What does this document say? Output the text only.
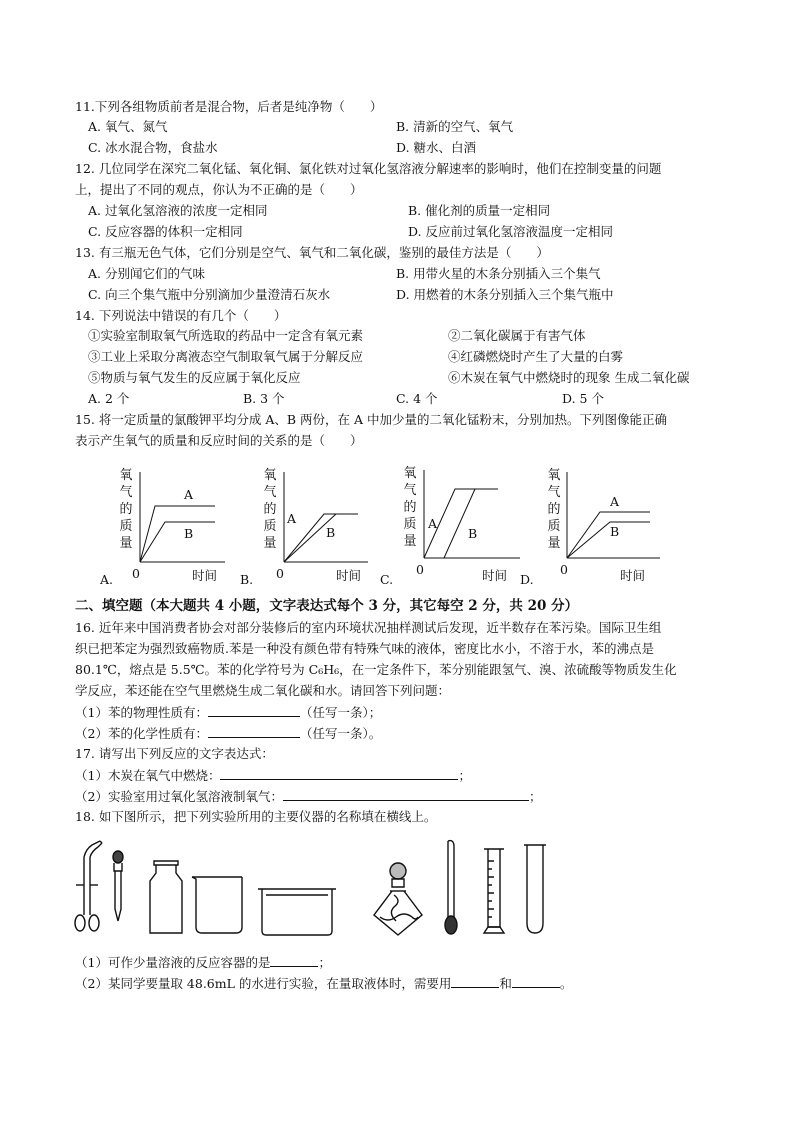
11.下列各组物质前者是混合物，后者是纯净物（　　）
A. 氧气、氮气	B. 清新的空气、氧气
C. 冰水混合物，食盐水	D. 糖水、白酒
12. 几位同学在深究二氧化锰、氧化铜、氯化铁对过氧化氢溶液分解速率的影响时，他们在控制变量的问题
上，提出了不同的观点，你认为不正确的是（　　）
A. 过氧化氢溶液的浓度一定相同	B. 催化剂的质量一定相同
C. 反应容器的体积一定相同	D. 反应前过氧化氢溶液温度一定相同
13. 有三瓶无色气体，它们分别是空气、氧气和二氧化碳，鉴别的最佳方法是（　　）
A. 分别闻它们的气味	B. 用带火星的木条分别插入三个集气
C. 向三个集气瓶中分别滴加少量澄清石灰水	D. 用燃着的木条分别插入三个集气瓶中
14. 下列说法中错误的有几个（　　）
①实验室制取氧气所选取的药品中一定含有氧元素	②二氧化碳属于有害气体
③工业上采取分离液态空气制取氧气属于分解反应	④红磷燃烧时产生了大量的白雾
⑤物质与氧气发生的反应属于氧化反应	⑥木炭在氧气中燃烧时的现象 生成二氧化碳
A. 2 个	B. 3 个	C. 4 个	D. 5 个
15. 将一定质量的氯酸钾平均分成 A、B 两份，在 A 中加少量的二氧化锰粉末，分别加热。下列图像能正确
表示产生氧气的质量和反应时间的关系的是（　　）
氧
气
的
质
量
A
B
0	时间
A.
氧
气
的
质
量
A
B
0	时间
B.
氧
气
的
质
量
A
B
0	时间
C.
氧
气
的
质
量
A
B
0	时间
D.
二、填空题（本大题共 4 小题，文字表达式每个 3 分，其它每空 2 分，共 20 分）
16. 近年来中国消费者协会对部分装修后的室内环境状况抽样测试后发现，近半数存在苯污染。国际卫生组
织已把苯定为强烈致癌物质.苯是一种没有颜色带有特殊气味的液体，密度比水小，不溶于水，苯的沸点是
80.1℃，熔点是 5.5℃。苯的化学符号为 C₆H₆，在一定条件下，苯分别能跟氢气、溴、浓硫酸等物质发生化
学反应，苯还能在空气里燃烧生成二氧化碳和水。请回答下列问题：
（1）苯的物理性质有：	（任写一条）；
（2）苯的化学性质有：	（任写一条）。
17. 请写出下列反应的文字表达式：
（1）木炭在氧气中燃烧：	；
（2）实验室用过氧化氢溶液制氧气：	；
18. 如下图所示，把下列实验所用的主要仪器的名称填在横线上。
（1）可作少量溶液的反应容器的是	；
（2）某同学要量取 48.6mL 的水进行实验，在量取液体时，需要用	和	。
